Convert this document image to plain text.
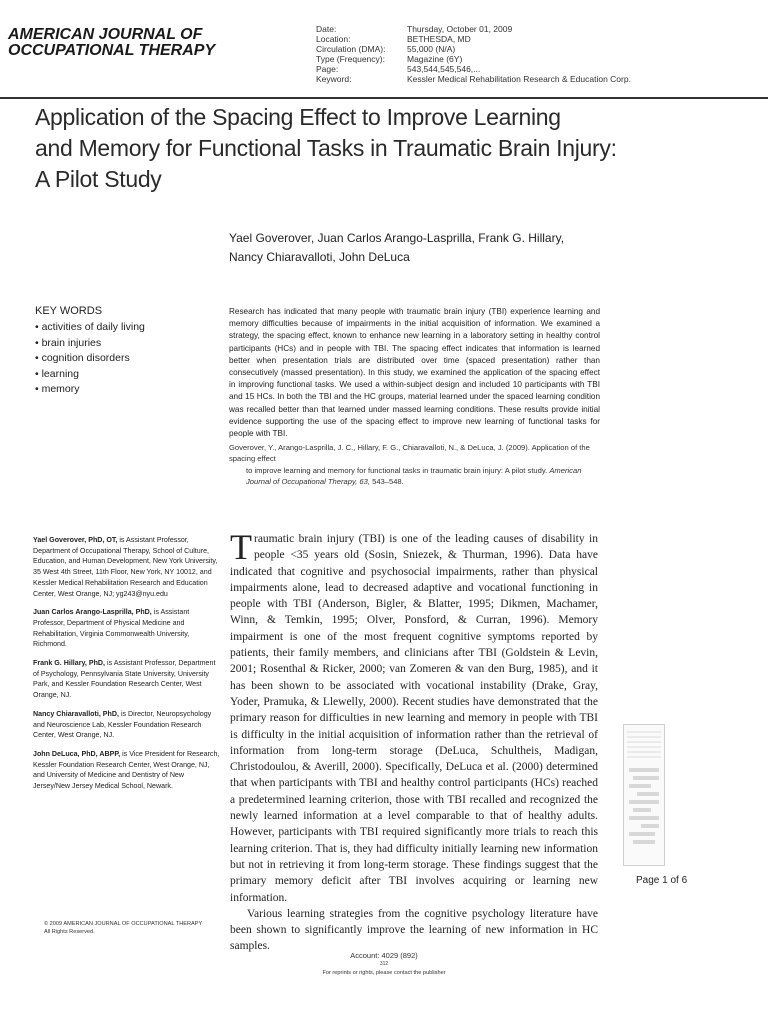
AMERICAN JOURNAL OF
OCCUPATIONAL THERAPY
Date:
Location:
Circulation (DMA):
Type (Frequency):
Page:
Keyword:
Thursday, October 01, 2009
BETHESDA, MD
55,000 (N/A)
Magazine (6Y)
543,544,545,546,...
Kessler Medical Rehabilitation Research & Education Corp.
Application of the Spacing Effect to Improve Learning
and Memory for Functional Tasks in Traumatic Brain Injury:
A Pilot Study
Yael Goverover, Juan Carlos Arango-Lasprilla, Frank G. Hillary,
Nancy Chiaravalloti, John DeLuca
KEY WORDS
• activities of daily living
• brain injuries
• cognition disorders
• learning
• memory
Research has indicated that many people with traumatic brain injury (TBI) experience learning and memory difficulties because of impairments in the initial acquisition of information. We examined a strategy, the spacing effect, known to enhance new learning in a laboratory setting in healthy control participants (HCs) and in people with TBI. The spacing effect indicates that information is learned better when presentation trials are distributed over time (spaced presentation) rather than consecutively (massed presentation). In this study, we examined the application of the spacing effect in improving functional tasks. We used a within-subject design and included 10 participants with TBI and 15 HCs. In both the TBI and the HC groups, material learned under the spaced learning condition was recalled better than that learned under massed learning conditions. These results provide initial evidence supporting the use of the spacing effect to improve new learning of functional tasks for people with TBI.
Goverover, Y., Arango-Lasprilla, J. C., Hillary, F. G., Chiaravalloti, N., & DeLuca, J. (2009). Application of the spacing effect
to improve learning and memory for functional tasks in traumatic brain injury: A pilot study. American Journal of Occupational Therapy, 63, 543–548.
Yael Goverover, PhD, OT, is Assistant Professor, Department of Occupational Therapy, School of Culture, Education, and Human Development, New York University, 35 West 4th Street, 11th Floor, New York, NY 10012, and Kessler Medical Rehabilitation Research and Education Center, West Orange, NJ; yg243@nyu.edu
Juan Carlos Arango-Lasprilla, PhD, is Assistant Professor, Department of Physical Medicine and Rehabilitation, Virginia Commonwealth University, Richmond.
Frank G. Hillary, PhD, is Assistant Professor, Department of Psychology, Pennsylvania State University, University Park, and Kessler Foundation Research Center, West Orange, NJ.
Nancy Chiaravalloti, PhD, is Director, Neuropsychology and Neuroscience Lab, Kessler Foundation Research Center, West Orange, NJ.
John DeLuca, PhD, ABPP, is Vice President for Research, Kessler Foundation Research Center, West Orange, NJ, and University of Medicine and Dentistry of New Jersey/New Jersey Medical School, Newark.

Traumatic brain injury (TBI) is one of the leading causes of disability in people <35 years old (Sosin, Sniezek, & Thurman, 1996). Data have indicated that cognitive and psychosocial impairments, rather than physical impairments alone, lead to decreased adaptive and vocational functioning in people with TBI (Anderson, Bigler, & Blatter, 1995; Dikmen, Machamer, Winn, & Temkin, 1995; Olver, Ponsford, & Curran, 1996). Memory impairment is one of the most frequent cognitive symptoms reported by patients, their family members, and clinicians after TBI (Goldstein & Levin, 2001; Rosenthal & Ricker, 2000; van Zomeren & van den Burg, 1985), and it has been shown to be associated with vocational instability (Drake, Gray, Yoder, Pramuka, & Llewelly, 2000). Recent studies have demonstrated that the primary reason for difficulties in new learning and memory in people with TBI is difficulty in the initial acquisition of information rather than the retrieval of information from long-term storage (DeLuca, Schultheis, Madigan, Christodoulou, & Averill, 2000). Specifically, DeLuca et al. (2000) determined that when participants with TBI and healthy control participants (HCs) reached a predetermined learning criterion, those with TBI recalled and recognized the newly learned information at a level comparable to that of healthy adults. However, participants with TBI required significantly more trials to reach this learning criterion. That is, they had difficulty initially learning new information but not in retrieving it from long-term storage. These findings suggest that the primary memory deficit after TBI involves acquiring or learning new information.

Various learning strategies from the cognitive psychology literature have been shown to significantly improve the learning of new information in HC samples.

Page 1 of 6
© 2009 AMERICAN JOURNAL OF OCCUPATIONAL THERAPY
All Rights Reserved.
Account: 4029 (892)
312
For reprints or rights, please contact the publisher
